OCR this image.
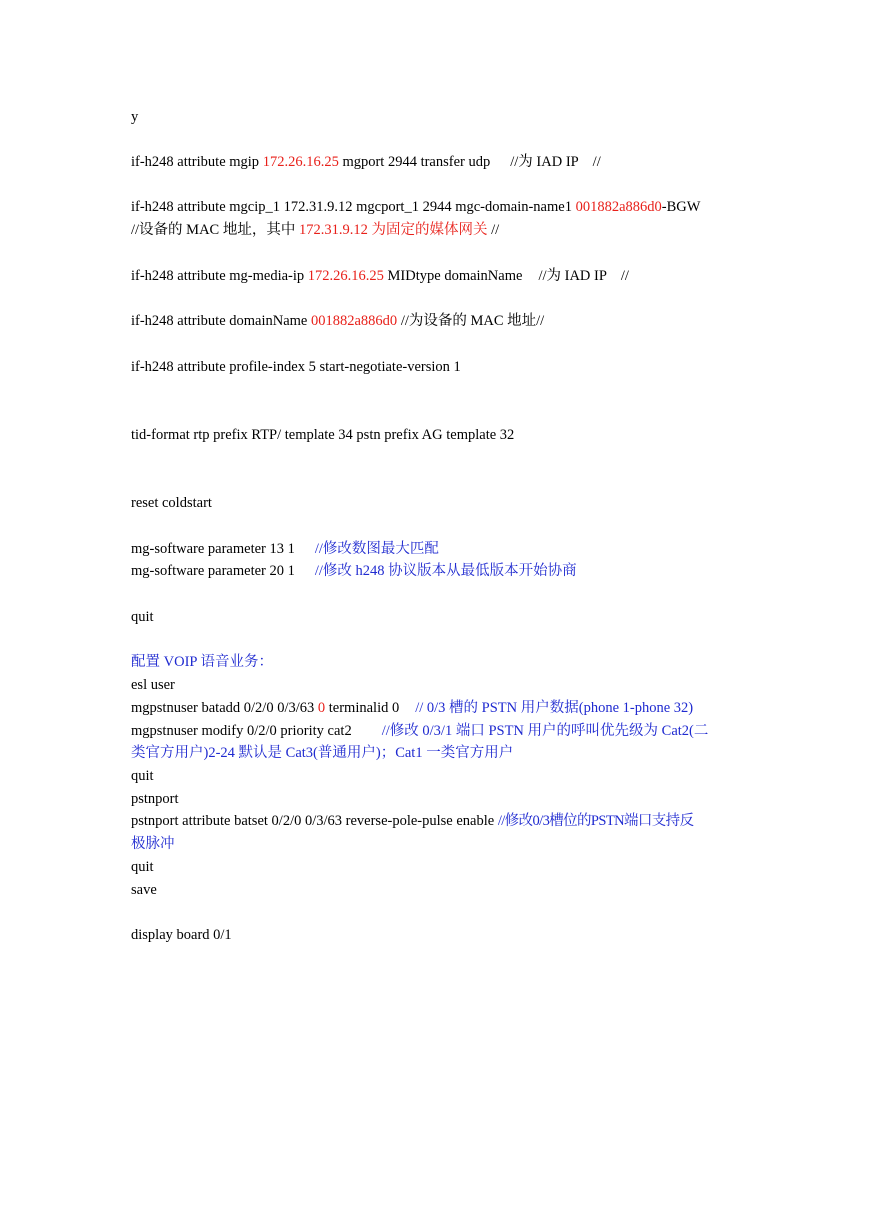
y
if-h248 attribute mgip 172.26.16.25 mgport 2944 transfer udp //为 IAD IP　//
if-h248 attribute mgcip_1 172.31.9.12 mgcport_1 2944 mgc-domain-name1 001882a886d0-BGW
//设备的 MAC 地址，其中 172.31.9.12 为固定的媒体网关 //
if-h248 attribute mg-media-ip 172.26.16.25 MIDtype domainName //为 IAD IP　//
if-h248 attribute domainName 001882a886d0 //为设备的 MAC 地址//
if-h248 attribute profile-index 5 start-negotiate-version 1
tid-format rtp prefix RTP/ template 34 pstn prefix AG template 32
reset coldstart
mg-software parameter 13 1 //修改数图最大匹配
mg-software parameter 20 1 //修改 h248 协议版本从最低版本开始协商
quit
配置 VOIP 语音业务：
esl user
mgpstnuser batadd 0/2/0 0/3/63 0 terminalid 0 // 0/3 槽的 PSTN 用户数据(phone 1-phone 32)
mgpstnuser modify 0/2/0 priority cat2 //修改 0/3/1 端口 PSTN 用户的呼叫优先级为 Cat2(二
类官方用户)2-24 默认是 Cat3(普通用户)；Cat1 一类官方用户
quit
pstnport
pstnport attribute batset 0/2/0 0/3/63 reverse-pole-pulse enable //修改0/3槽位的PSTN端口支持反
极脉冲
quit
save
display board 0/1
